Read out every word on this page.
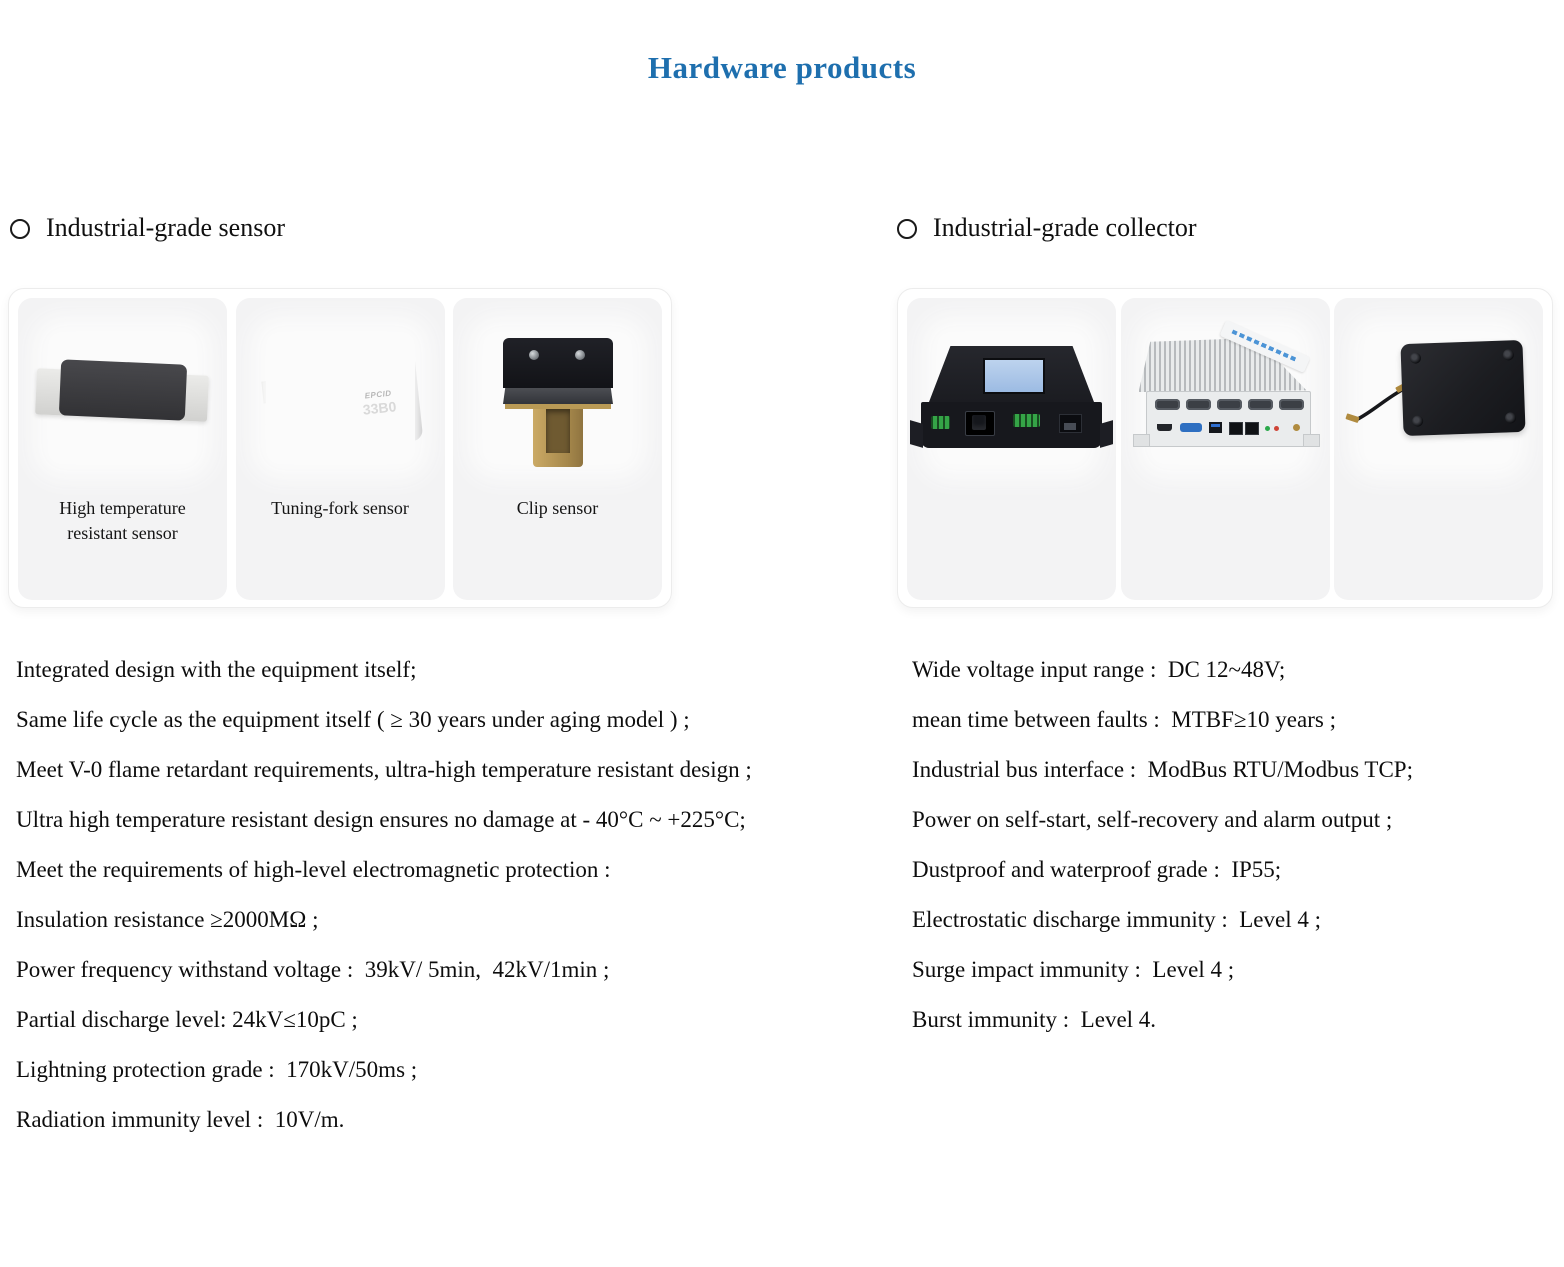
Hardware products
Industrial-grade sensor	Industrial-grade collector
High temperature resistant sensor
EPCID
33B0
Tuning-fork sensor	Clip sensor

Integrated design with the equipment itself;

Same life cycle as the equipment itself ( ≥ 30 years under aging model ) ;

Meet V-0 flame retardant requirements, ultra-high temperature resistant design ;

Ultra high temperature resistant design ensures no damage at - 40°C ~ +225°C;

Meet the requirements of high-level electromagnetic protection :

Insulation resistance ≥2000MΩ ;

Power frequency withstand voltage :  39kV/ 5min,  42kV/1min ;

Partial discharge level: 24kV≤10pC ;

Lightning protection grade :  170kV/50ms ;

Radiation immunity level :  10V/m.

Wide voltage input range :  DC 12~48V;

mean time between faults :  MTBF≥10 years ;

Industrial bus interface :  ModBus RTU/Modbus TCP;

Power on self-start, self-recovery and alarm output ;

Dustproof and waterproof grade :  IP55;

Electrostatic discharge immunity :  Level 4 ;

Surge impact immunity :  Level 4 ;

Burst immunity :  Level 4.
